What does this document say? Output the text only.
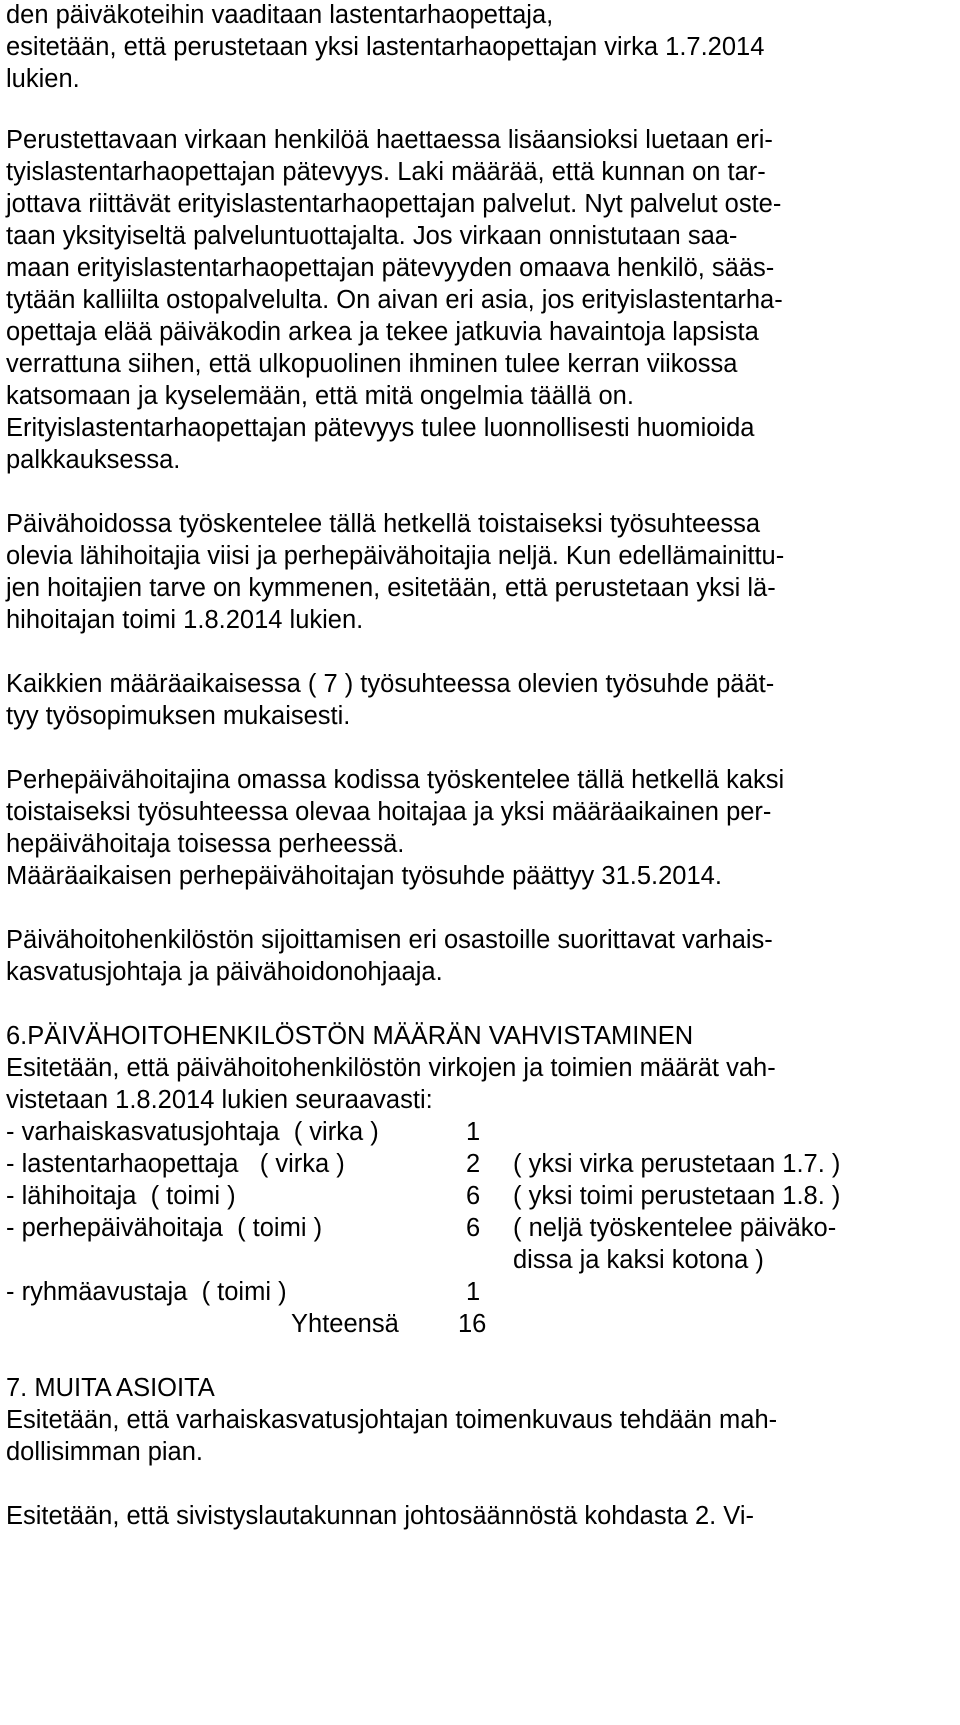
den päiväkoteihin vaaditaan lastentarhaopettaja,
esitetään, että perustetaan yksi lastentarhaopettajan virka 1.7.2014
lukien.
Perustettavaan virkaan henkilöä haettaessa lisäansioksi luetaan eri-
tyislastentarhaopettajan pätevyys. Laki määrää, että kunnan on tar-
jottava riittävät erityislastentarhaopettajan palvelut. Nyt palvelut oste-
taan yksityiseltä palveluntuottajalta. Jos virkaan onnistutaan saa-
maan erityislastentarhaopettajan pätevyyden omaava henkilö, sääs-
tytään kalliilta ostopalvelulta. On aivan eri asia, jos erityislastentarha-
opettaja elää päiväkodin arkea ja tekee jatkuvia havaintoja lapsista
verrattuna siihen, että ulkopuolinen ihminen tulee kerran viikossa
katsomaan ja kyselemään, että mitä ongelmia täällä on.
Erityislastentarhaopettajan pätevyys tulee luonnollisesti huomioida
palkkauksessa.
Päivähoidossa työskentelee tällä hetkellä toistaiseksi työsuhteessa
olevia lähihoitajia viisi ja perhepäivähoitajia neljä. Kun edellämainittu-
jen hoitajien tarve on kymmenen, esitetään, että perustetaan yksi lä-
hihoitajan toimi 1.8.2014 lukien.
Kaikkien määräaikaisessa ( 7 ) työsuhteessa olevien työsuhde päät-
tyy työsopimuksen mukaisesti.
Perhepäivähoitajina omassa kodissa työskentelee tällä hetkellä kaksi
toistaiseksi työsuhteessa olevaa hoitajaa ja yksi määräaikainen per-
hepäivähoitaja toisessa perheessä.
Määräaikaisen perhepäivähoitajan työsuhde päättyy 31.5.2014.
Päivähoitohenkilöstön sijoittamisen eri osastoille suorittavat varhais-
kasvatusjohtaja ja päivähoidonohjaaja.
6.PÄIVÄHOITOHENKILÖSTÖN MÄÄRÄN VAHVISTAMINEN
Esitetään, että päivähoitohenkilöstön virkojen ja toimien määrät vah-
vistetaan 1.8.2014 lukien seuraavasti:
- varhaiskasvatusjohtaja  ( virka )	1
- lastentarhaopettaja   ( virka )	2 ( yksi virka perustetaan 1.7. )
- lähihoitaja  ( toimi )	6 ( yksi toimi perustetaan 1.8. )
- perhepäivähoitaja  ( toimi )	6 ( neljä työskentelee päiväko-
dissa ja kaksi kotona )
- ryhmäavustaja  ( toimi )	1
Yhteensä 16
7. MUITA ASIOITA
Esitetään, että varhaiskasvatusjohtajan toimenkuvaus tehdään mah-
dollisimman pian.
Esitetään, että sivistyslautakunnan johtosäännöstä kohdasta 2. Vi-
